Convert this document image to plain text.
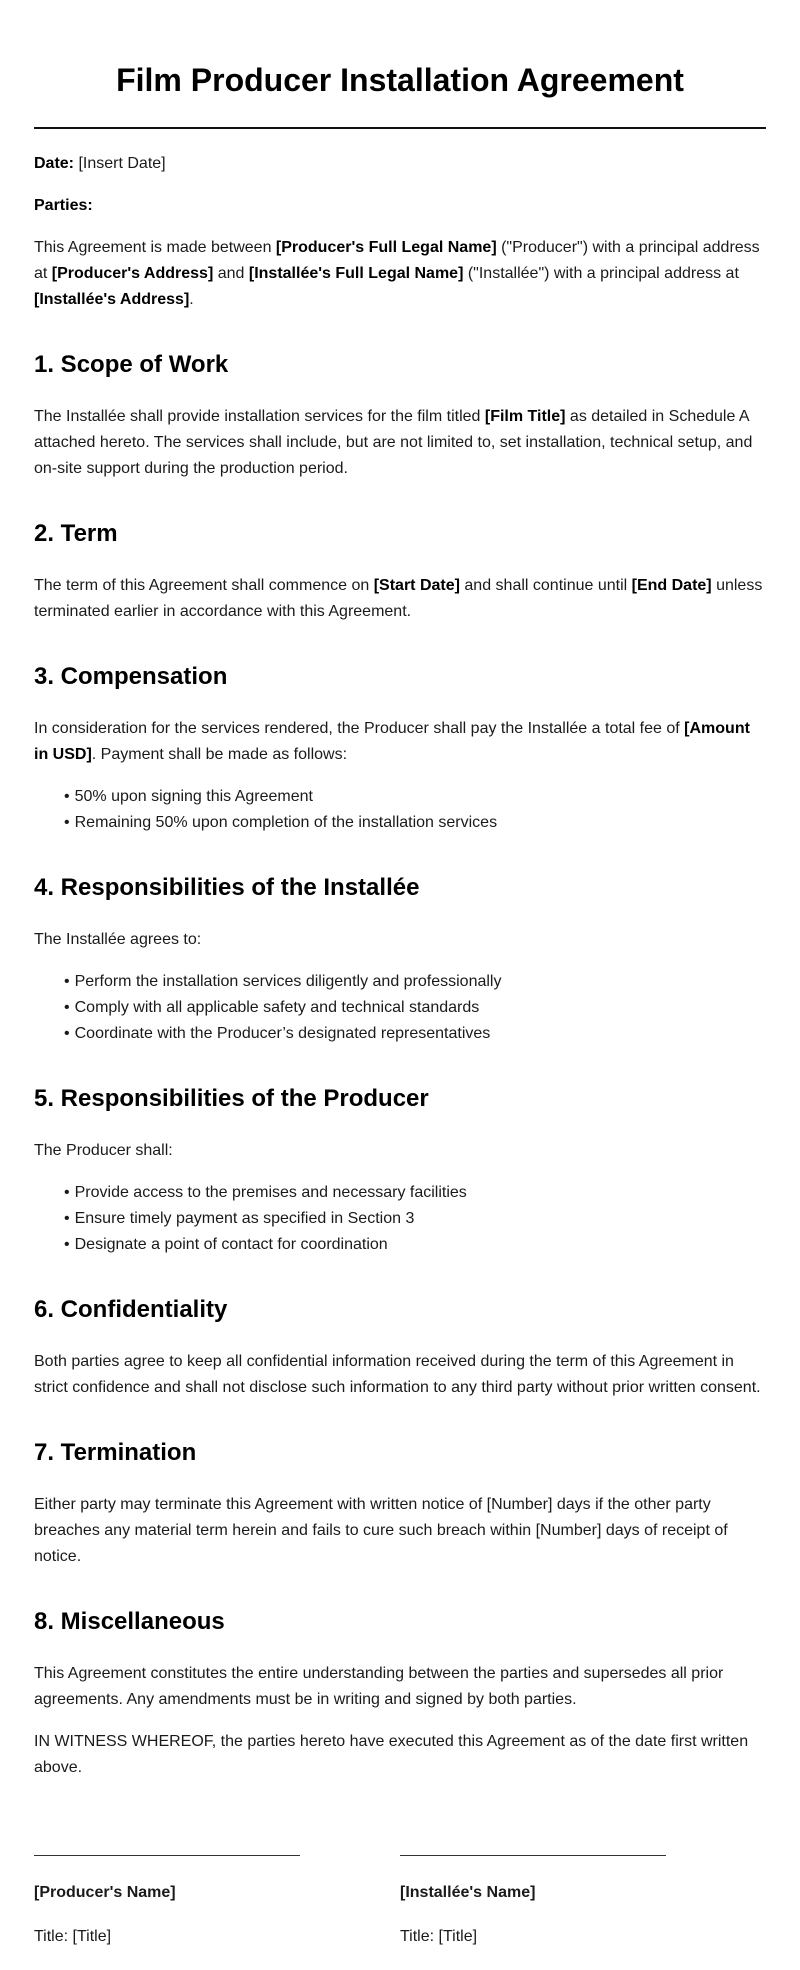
Film Producer Installation Agreement

Date: [Insert Date]

Parties:

This Agreement is made between [Producer's Full Legal Name] ("Producer") with a principal address at [Producer's Address] and [Installée's Full Legal Name] ("Installée") with a principal address at [Installée's Address].

1. Scope of Work

The Installée shall provide installation services for the film titled [Film Title] as detailed in Schedule A attached hereto. The services shall include, but are not limited to, set installation, technical setup, and on-site support during the production period.

2. Term

The term of this Agreement shall commence on [Start Date] and shall continue until [End Date] unless terminated earlier in accordance with this Agreement.

3. Compensation

In consideration for the services rendered, the Producer shall pay the Installée a total fee of [Amount in USD]. Payment shall be made as follows:

• 50% upon signing this Agreement
• Remaining 50% upon completion of the installation services
4. Responsibilities of the Installée

The Installée agrees to:

• Perform the installation services diligently and professionally
• Comply with all applicable safety and technical standards
• Coordinate with the Producer’s designated representatives
5. Responsibilities of the Producer

The Producer shall:

• Provide access to the premises and necessary facilities
• Ensure timely payment as specified in Section 3
• Designate a point of contact for coordination
6. Confidentiality

Both parties agree to keep all confidential information received during the term of this Agreement in strict confidence and shall not disclose such information to any third party without prior written consent.

7. Termination

Either party may terminate this Agreement with written notice of [Number] days if the other party breaches any material term herein and fails to cure such breach within [Number] days of receipt of notice.

8. Miscellaneous

This Agreement constitutes the entire understanding between the parties and supersedes all prior agreements. Any amendments must be in writing and signed by both parties.

IN WITNESS WHEREOF, the parties hereto have executed this Agreement as of the date first written above.

[Producer's Name]

Title: [Title]

[Installée's Name]

Title: [Title]
